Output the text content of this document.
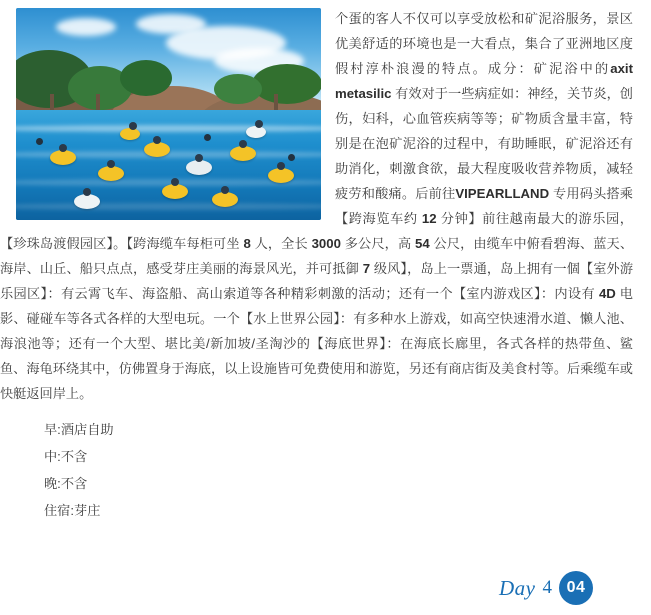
个蛋的客人不仅可以享受放松和矿泥浴服务，景区优美舒适的环境也是一大看点，集合了亚洲地区度假村淳朴浪漫的特点。成分：矿泥浴中的axit metasilic 有效对于一些病症如：神经，关节炎，创伤，妇科，心血管疾病等等；矿物质含量丰富，特别是在泡矿泥浴的过程中，有助睡眠，矿泥浴还有助消化，刺激食欲，最大程度吸收营养物质，减轻疲劳和酸痛。后前往VIPEARLLAND 专用码头搭乘【跨海览车约 12 分钟】前往越南最大的游乐园，【珍珠岛渡假园区】。【跨海缆车每柜可坐 8 人，全长 3000 多公尺，高 54 公尺，由缆车中俯看碧海、蓝天、海岸、山丘、船只点点，感受芽庄美丽的海景风光，并可抵御 7 级风】，岛上一票通，岛上拥有一個【室外游乐园区】：有云霄飞车、海盗船、高山索道等各种精彩刺激的活动；还有一个【室内游戏区】：内设有 4D 电影、碰碰车等各式各样的大型电玩。一个【水上世界公园】：有多种水上游戏，如高空快速滑水道、懒人池、海浪池等；还有一个大型、堪比美/新加坡/圣淘沙的【海底世界】：在海底长廊里，各式各样的热带鱼、鲨鱼、海龟环绕其中，仿佛置身于海底，以上设施皆可免费使用和游览，另还有商店街及美食村等。后乘缆车或快艇返回岸上。
早:酒店自助
中:不含
晚:不含
住宿:芽庄
Day 4 04
